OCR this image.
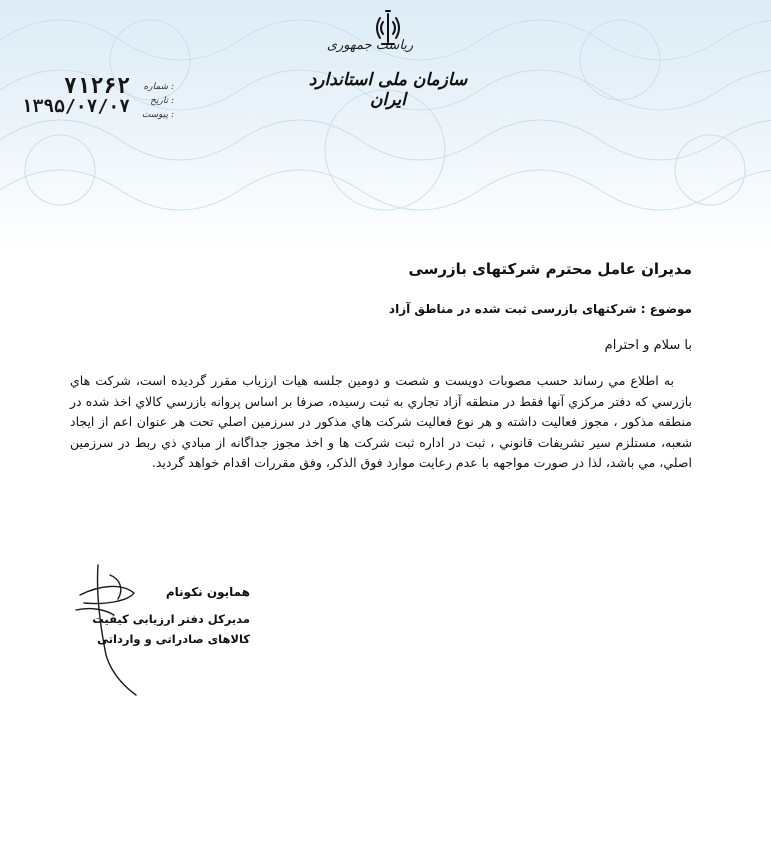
ریاست جمهوری
سازمان ملی استاندارد ایران
۷۱۲۶۲
۱۳۹۵/۰۷/۰۷
شماره :
تاریخ :
پیوست :

مدیران عامل محترم شرکتهای بازرسی

موضوع : شرکتهای بازرسی ثبت شده در مناطق آزاد

با سلام و احترام

به اطلاع مي رساند حسب مصوبات دويست و شصت و دومين جلسه هيات ارزياب مقرر گرديده است، شركت هاي بازرسي كه دفتر مركزي آنها فقط در منطقه آزاد تجاري به ثبت رسيده، صرفا بر اساس پروانه بازرسي كالاي اخذ شده در منطقه مذكور ، مجوز فعاليت داشته و هر نوع فعاليت شركت هاي مذكور در سرزمين اصلي تحت هر عنوان اعم از ايجاد شعبه، مستلزم سير تشريفات قانوني ، ثبت در اداره ثبت شركت ها و اخذ مجوز جداگانه از مبادي ذي ربط در سرزمين اصلي، مي باشد، لذا در صورت مواجهه با عدم رعايت موارد فوق الذكر، وفق مقررات اقدام خواهد گرديد.

همایون نکونام
مدیرکل دفتر ارزیابی کیفیت
کالاهای صادراتی و وارداتی
